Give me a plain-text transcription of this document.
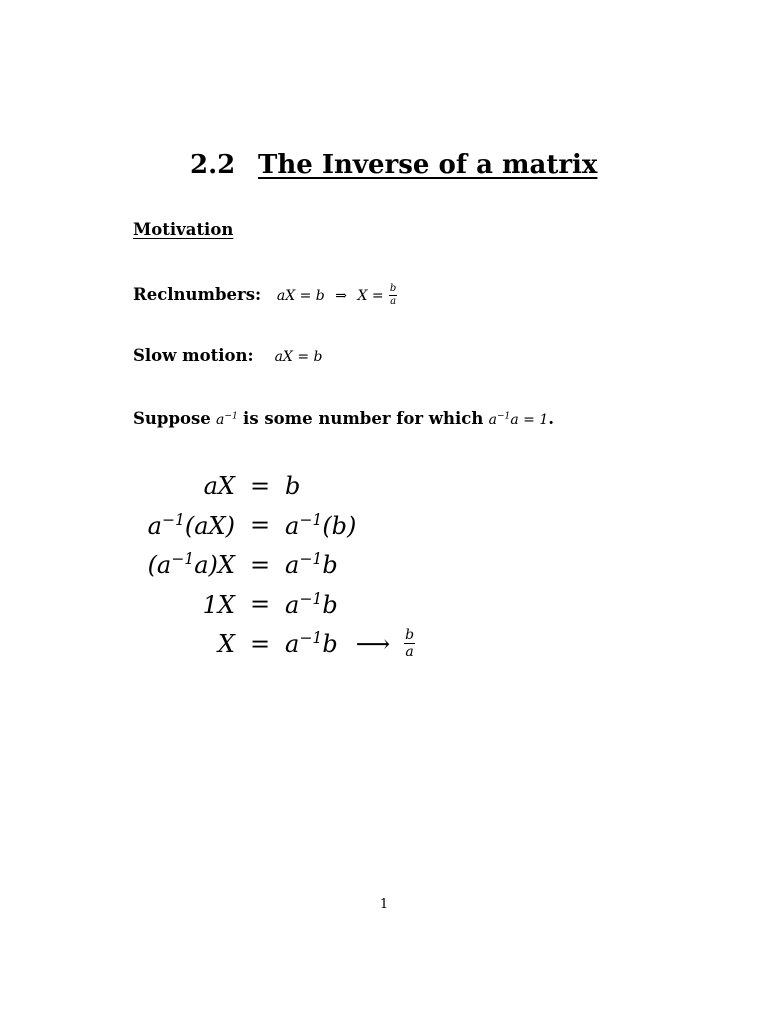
2.2 The Inverse of a matrix
Motivation
Reclnumbers: aX = b ⇒ $X = \frac{b}{a}$
Slow motion: aX = b
Suppose $a^{-1}$ is some number for which $a^{-1}a = 1$.
aX = b
$a^{-1}(aX) = a^{-1}(b)$
$(a^{-1}a)X = a^{-1}b$
$1X = a^{-1}b$
$X = a^{-1}b$ ⟶ $\frac{b}{a}$
1
